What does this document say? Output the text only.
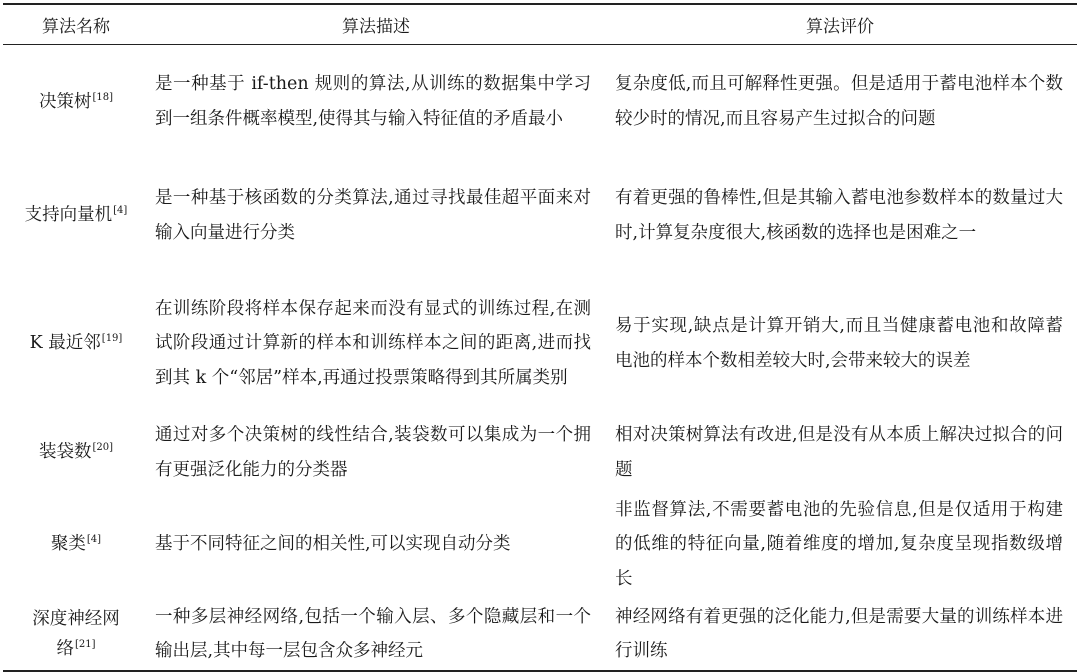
算法名称	算法描述	算法评价
决策树[18]	是一种基于 if-then 规则的算法,从训练的数据集中学习到一组条件概率模型,使得其与输入特征值的矛盾最小	复杂度低,而且可解释性更强。但是适用于蓄电池样本个数较少时的情况,而且容易产生过拟合的问题
支持向量机[4]	是一种基于核函数的分类算法,通过寻找最佳超平面来对输入向量进行分类	有着更强的鲁棒性,但是其输入蓄电池参数样本的数量过大时,计算复杂度很大,核函数的选择也是困难之一
K 最近邻[19]	在训练阶段将样本保存起来而没有显式的训练过程,在测试阶段通过计算新的样本和训练样本之间的距离,进而找到其 k 个“邻居”样本,再通过投票策略得到其所属类别	易于实现,缺点是计算开销大,而且当健康蓄电池和故障蓄电池的样本个数相差较大时,会带来较大的误差
装袋数[20]	通过对多个决策树的线性结合,装袋数可以集成为一个拥有更强泛化能力的分类器	相对决策树算法有改进,但是没有从本质上解决过拟合的问题
聚类[4]	基于不同特征之间的相关性,可以实现自动分类	非监督算法,不需要蓄电池的先验信息,但是仅适用于构建的低维的特征向量,随着维度的增加,复杂度呈现指数级增长
深度神经网络[21]	一种多层神经网络,包括一个输入层、多个隐藏层和一个输出层,其中每一层包含众多神经元	神经网络有着更强的泛化能力,但是需要大量的训练样本进行训练
